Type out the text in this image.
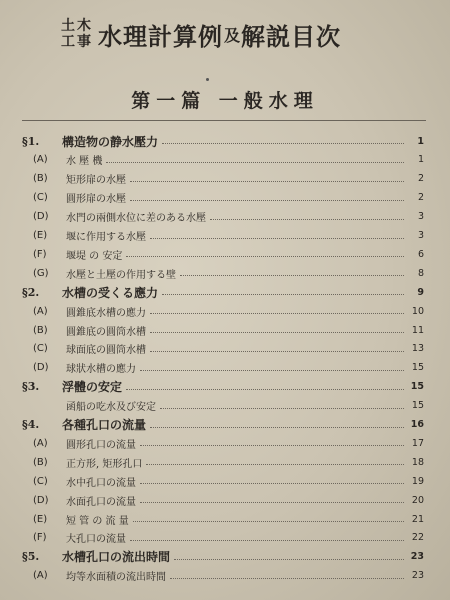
土 木
工 事 水理計算例 及 解説目次
第一篇 一般水理
§1.	構造物の静水壓力	1
(A)	水 壓 機	1
(B)	矩形扉の水壓	2
(C)	圓形扉の水壓	2
(D)	水門の兩側水位に差のある水壓	3
(E)	堰に作用する水壓	3
(F)	堰堤 の 安定	6
(G)	水壓と土壓の作用する壁	8
§2.	水槽の受くる應力	9
(A)	圓錐底水槽の應力	10
(B)	圓錐底の圓筒水槽	11
(C)	球面底の圓筒水槽	13
(D)	球狀水槽の應力	15
§3.	浮體の安定	15
函船の吃水及び安定	15
§4.	各種孔口の流量	16
(A)	圓形孔口の流量	17
(B)	正方形, 矩形孔口	18
(C)	水中孔口の流量	19
(D)	水面孔口の流量	20
(E)	短 管 の 流 量	21
(F)	大孔口の流量	22
§5.	水槽孔口の流出時間	23
(A)	均等水面積の流出時間	23
